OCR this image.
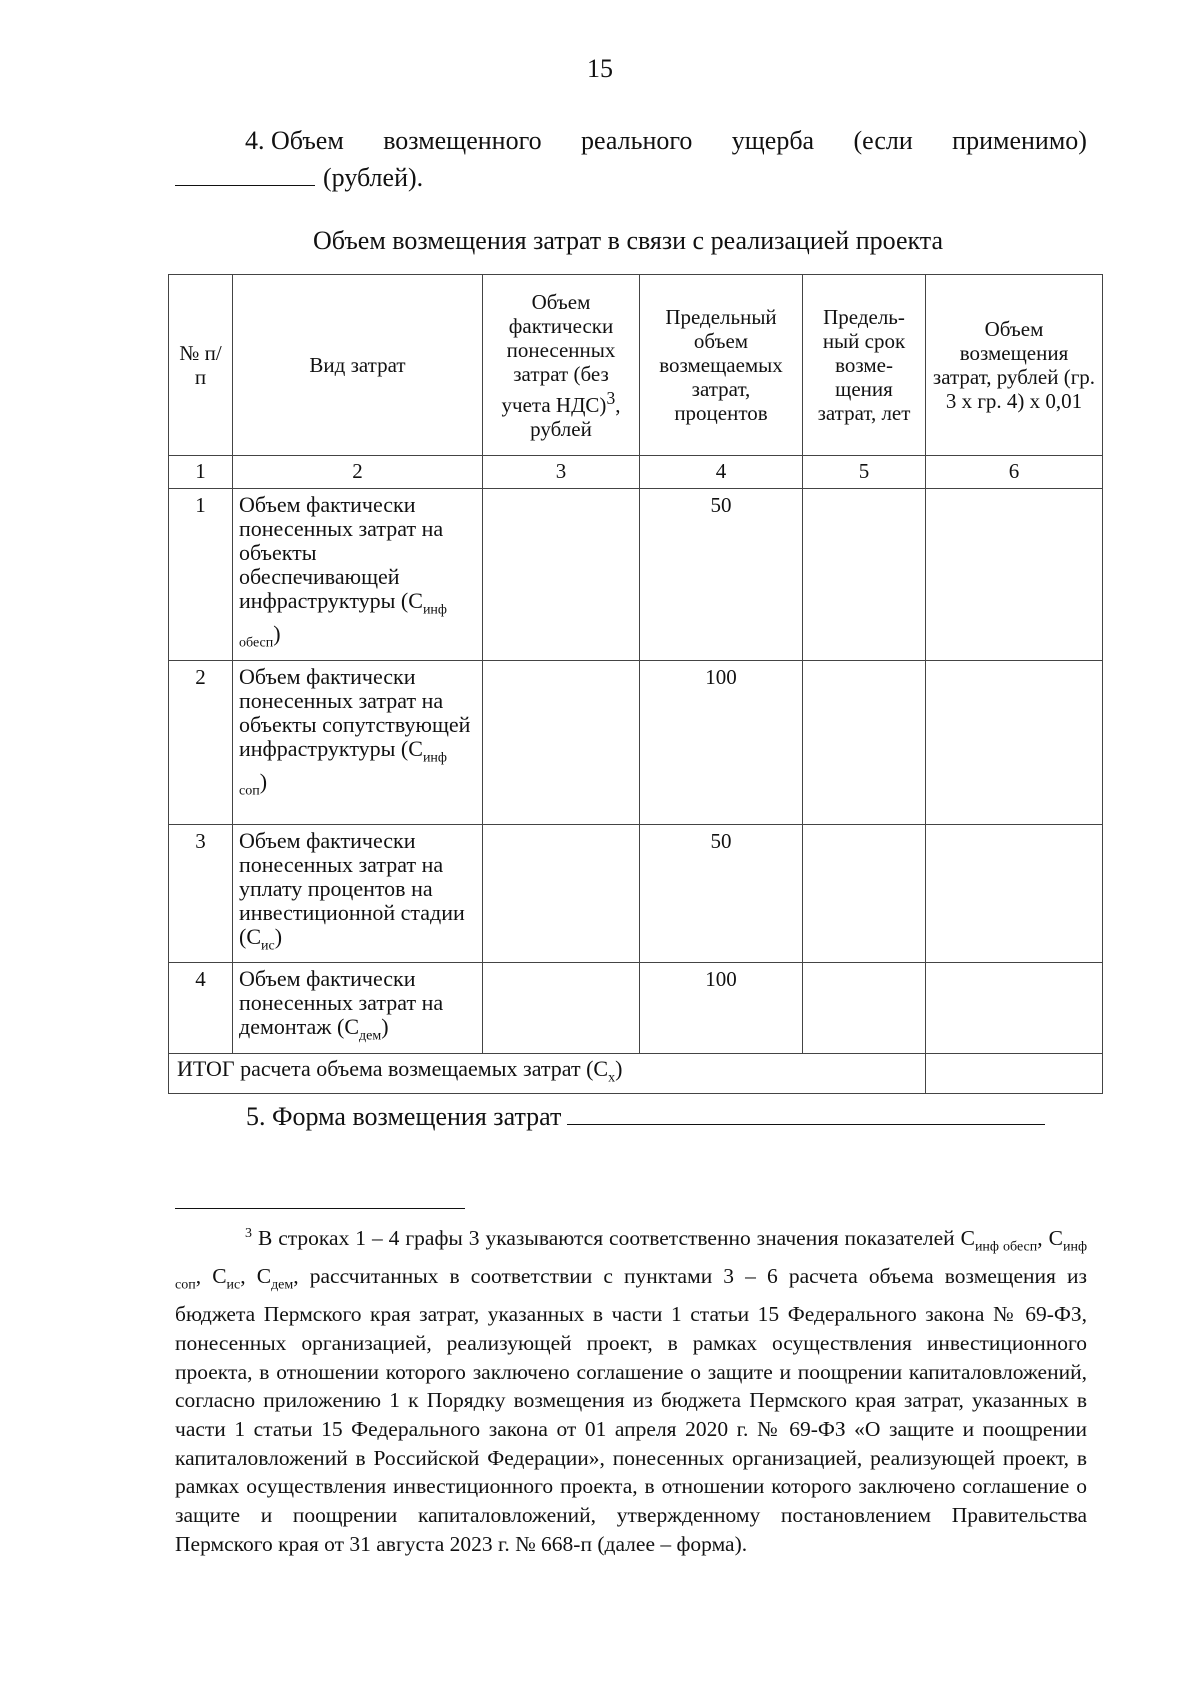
15
4. Объем возмещенного реального ущерба (если применимо)
(рублей).
Объем возмещения затрат в связи с реализацией проекта
№ п/п	Вид затрат	Объем фактически понесенных затрат (без учета НДС)$^3$, рублей	Предельный объем возмещаемых затрат, процентов	Предель-ный срок возме-щения затрат, лет	Объем возмещения затрат, рублей (гр. 3 х гр. 4) х 0,01
1	2	3	4	5	6
1	Объем фактически понесенных затрат на объекты обеспечивающей инфраструктуры $(С_{инф обесп})$		50		
2	Объем фактически понесенных затрат на объекты сопутствующей инфраструктуры $(С_{инф соп})$		100		
3	Объем фактически понесенных затрат на уплату процентов на инвестиционной стадии $(С_{ис})$		50		
4	Объем фактически понесенных затрат на демонтаж $(С_{дем})$		100		
ИТОГ расчета объема возмещаемых затрат $(С_х)$					
5. Форма возмещения затрат
$^3$ В строках 1 – 4 графы 3 указываются соответственно значения показателей $С_{инф обесп}$, $С_{инф соп}$, $С_{ис}$, $С_{дем}$, рассчитанных в соответствии с пунктами 3 – 6 расчета объема возмещения из бюджета Пермского края затрат, указанных в части 1 статьи 15 Федерального закона № 69-ФЗ, понесенных организацией, реализующей проект, в рамках осуществления инвестиционного проекта, в отношении которого заключено соглашение о защите и поощрении капиталовложений, согласно приложению 1 к Порядку возмещения из бюджета Пермского края затрат, указанных в части 1 статьи 15 Федерального закона от 01 апреля 2020 г. № 69-ФЗ «О защите и поощрении капиталовложений в Российской Федерации», понесенных организацией, реализующей проект, в рамках осуществления инвестиционного проекта, в отношении которого заключено соглашение о защите и поощрении капиталовложений, утвержденному постановлением Правительства Пермского края от 31 августа 2023 г. № 668-п (далее – форма).
